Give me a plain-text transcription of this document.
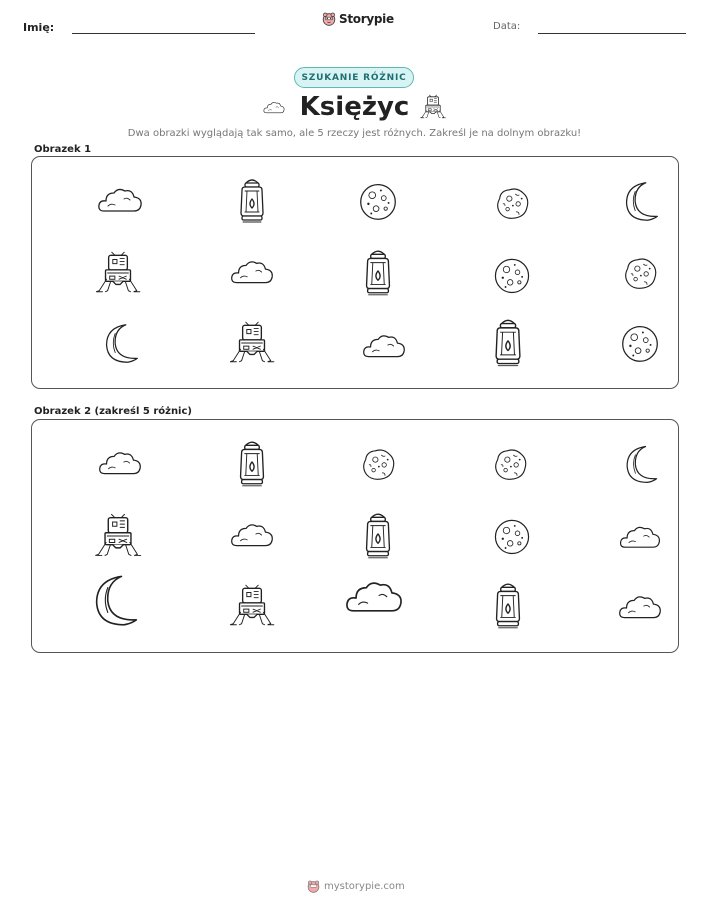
Imię:
Storypie
Data:
SZUKANIE RÓŻNIC
Księżyc
Dwa obrazki wyglądają tak samo, ale 5 rzeczy jest różnych. Zakreśl je na dolnym obrazku!
Obrazek 1
Obrazek 2 (zakreśl 5 różnic)
mystorypie.com
